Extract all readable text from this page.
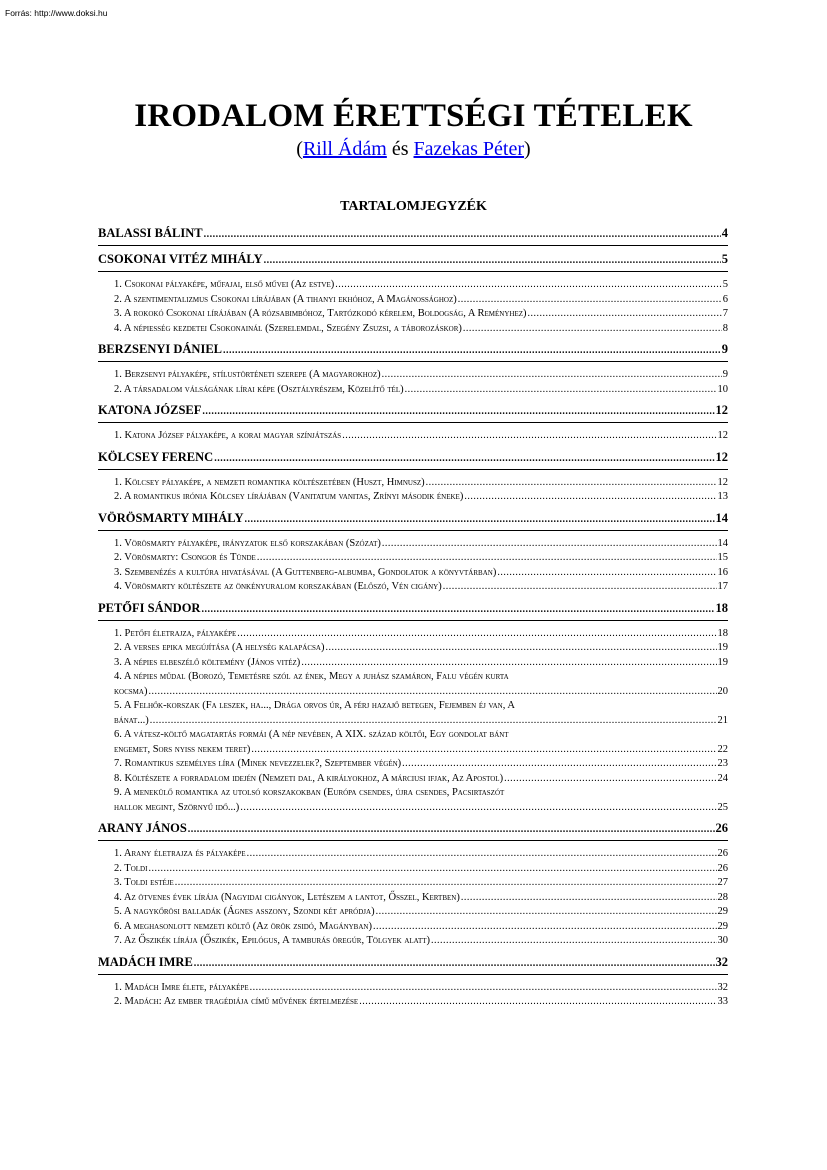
Forrás: http://www.doksi.hu
IRODALOM ÉRETTSÉGI TÉTELEK
(Rill Ádám és Fazekas Péter)
TARTALOMJEGYZÉK
BALASSI BÁLINT .....	4
CSOKONAI VITÉZ MIHÁLY .....	5
1. Csokonai pályaképe, műfajai, első művei (Az estve) .....	5
2. A szentimentalizmus Csokonai lírájában (A tihanyi ekhóhoz, A Magánossághoz) .....	6
3. A rokokó Csokonai lírájában (A rózsabimbóhoz, Tartózkodó kérelem, Boldogság, A Reményhez) .....	7
4. A népiesség kezdetei Csokonainál (Szerelemdal, Szegény Zsuzsi, a táborozáskor) .....	8
BERZSENYI DÁNIEL .....	9
1. Berzsenyi pályaképe, stílustörténeti szerepe (A magyarokhoz) .....	9
2. A társadalom válságának lírai képe (Osztályrészem, Közelítő tél) .....	10
KATONA JÓZSEF .....	12
1. Katona József pályaképe, a korai magyar színjátszás .....	12
KÖLCSEY FERENC .....	12
1. Kölcsey pályaképe, a nemzeti romantika költészetében (Huszt, Himnusz) .....	12
2. A romantikus irónia Kölcsey lírájában (Vanitatum vanitas, Zrínyi második éneke) .....	13
VÖRÖSMARTY MIHÁLY .....	14
1. Vörösmarty pályaképe, irányzatok első korszakában (Szózat) .....	14
2. Vörösmarty: Csongor és Tünde .....	15
3. Szembenézés a kultúra hivatásával (A Guttenberg-albumba, Gondolatok a könyvtárban) .....	16
4. Vörösmarty költészete az önkényuralom korszakában (Előszó, Vén cigány) .....	17
PETŐFI SÁNDOR .....	18
1. Petőfi életrajza, pályaképe .....	18
2. A verses epika megújítása (A helység kalapácsa) .....	19
3. A népies elbeszélő költemény (János vitéz) .....	19
4. A népies műdal (Borozó, Temetésre szól az ének, Megy a juhász szamáron, Falu végén kurta
kocsma) .....	20
5. A Felhők-korszak (Fa leszek, ha..., Drága orvos úr, A férj hazajő betegen, Fejemben éj van, A
bánat...) .....	21
6. A vátesz-költő magatartás formái (A nép nevében, A XIX. század költői, Egy gondolat bánt
engemet, Sors nyiss nekem teret) .....	22
7. Romantikus személyes líra (Minek nevezzelek?, Szeptember végén) .....	23
8. Költészete a forradalom idején (Nemzeti dal, A királyokhoz, A márciusi ifjak, Az Apostol) .....	24
9. A menekülő romantika az utolsó korszakokban (Európa csendes, újra csendes, Pacsirtaszót
hallok megint, Szörnyű idő...) .....	25
ARANY JÁNOS .....	26
1. Arany életrajza és pályaképe .....	26
2. Toldi .....	26
3. Toldi estéje .....	27
4. Az ötvenes évek lírája (Nagyidai cigányok, Letészem a lantot, Ősszel, Kertben) .....	28
5. A nagykőrösi balladák (Ágnes asszony, Szondi két apródja) .....	29
6. A meghasonlott nemzeti költő (Az örök zsidó, Magányban) .....	29
7. Az Őszikék lírája (Őszikék, Epilógus, A tamburás öregúr, Tölgyek alatt) .....	30
MADÁCH IMRE .....	32
1. Madách Imre élete, pályaképe .....	32
2. Madách: Az ember tragédiája című művének értelmezése .....	33
